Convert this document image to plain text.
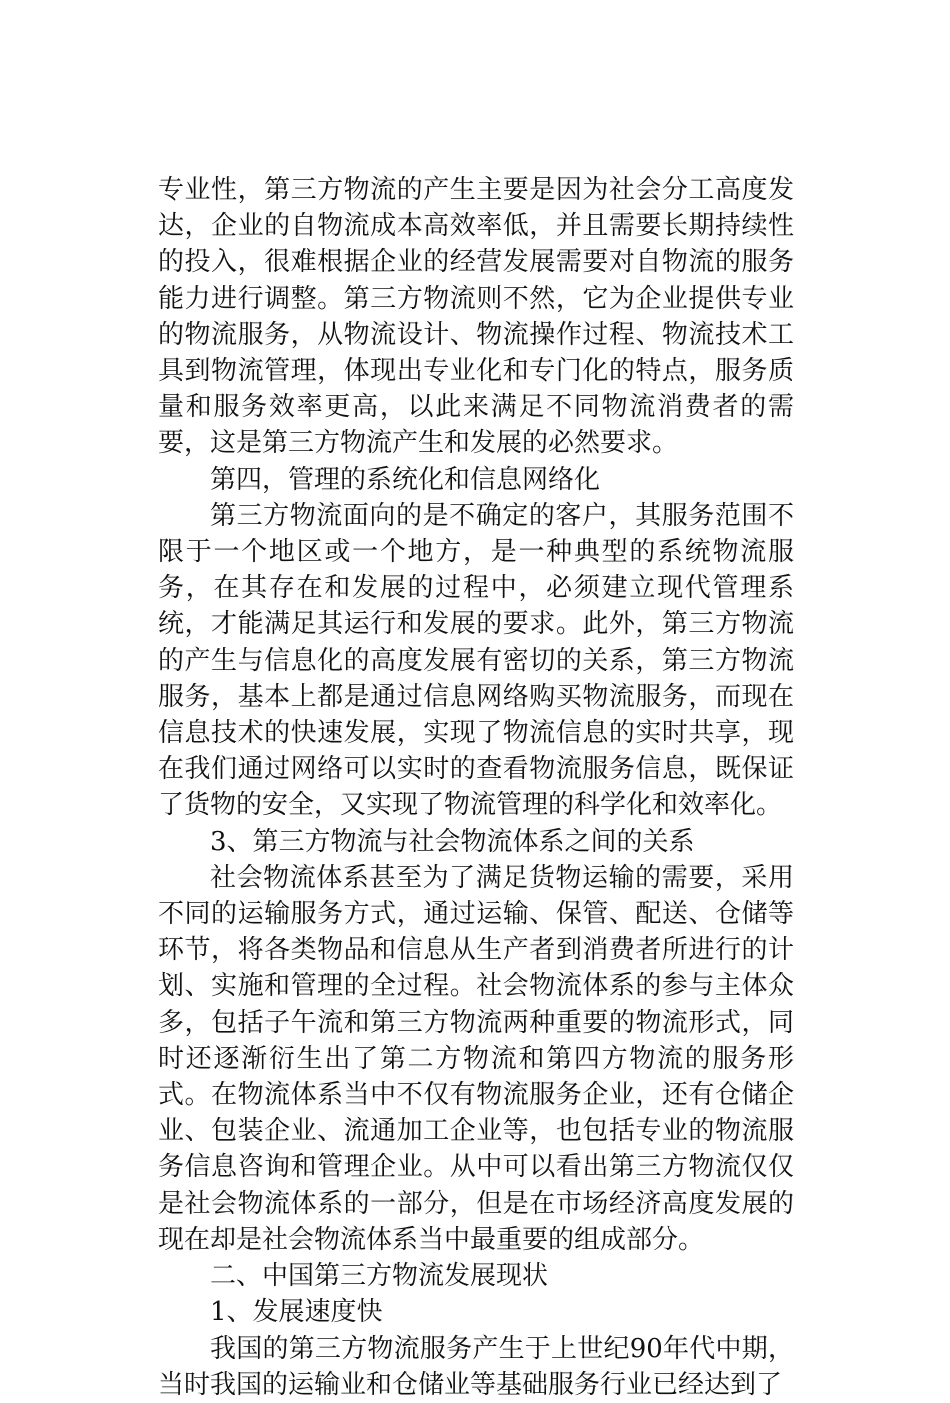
专业性，第三方物流的产生主要是因为社会分工高度发达，企业的自物流成本高效率低，并且需要长期持续性的投入，很难根据企业的经营发展需要对自物流的服务能力进行调整。第三方物流则不然，它为企业提供专业的物流服务，从物流设计、物流操作过程、物流技术工具到物流管理，体现出专业化和专门化的特点，服务质量和服务效率更高，以此来满足不同物流消费者的需要，这是第三方物流产生和发展的必然要求。

第四，管理的系统化和信息网络化

第三方物流面向的是不确定的客户，其服务范围不限于一个地区或一个地方，是一种典型的系统物流服务，在其存在和发展的过程中，必须建立现代管理系统，才能满足其运行和发展的要求。此外，第三方物流的产生与信息化的高度发展有密切的关系，第三方物流服务，基本上都是通过信息网络购买物流服务，而现在信息技术的快速发展，实现了物流信息的实时共享，现在我们通过网络可以实时的查看物流服务信息，既保证了货物的安全，又实现了物流管理的科学化和效率化。

3、第三方物流与社会物流体系之间的关系

社会物流体系甚至为了满足货物运输的需要，采用不同的运输服务方式，通过运输、保管、配送、仓储等环节，将各类物品和信息从生产者到消费者所进行的计划、实施和管理的全过程。社会物流体系的参与主体众多，包括子午流和第三方物流两种重要的物流形式，同时还逐渐衍生出了第二方物流和第四方物流的服务形式。在物流体系当中不仅有物流服务企业，还有仓储企业、包装企业、流通加工企业等，也包括专业的物流服务信息咨询和管理企业。从中可以看出第三方物流仅仅是社会物流体系的一部分，但是在市场经济高度发展的现在却是社会物流体系当中最重要的组成部分。

二、中国第三方物流发展现状

1、发展速度快

我国的第三方物流服务产生于上世纪90年代中期，当时我国的运输业和仓储业等基础服务行业已经达到了
